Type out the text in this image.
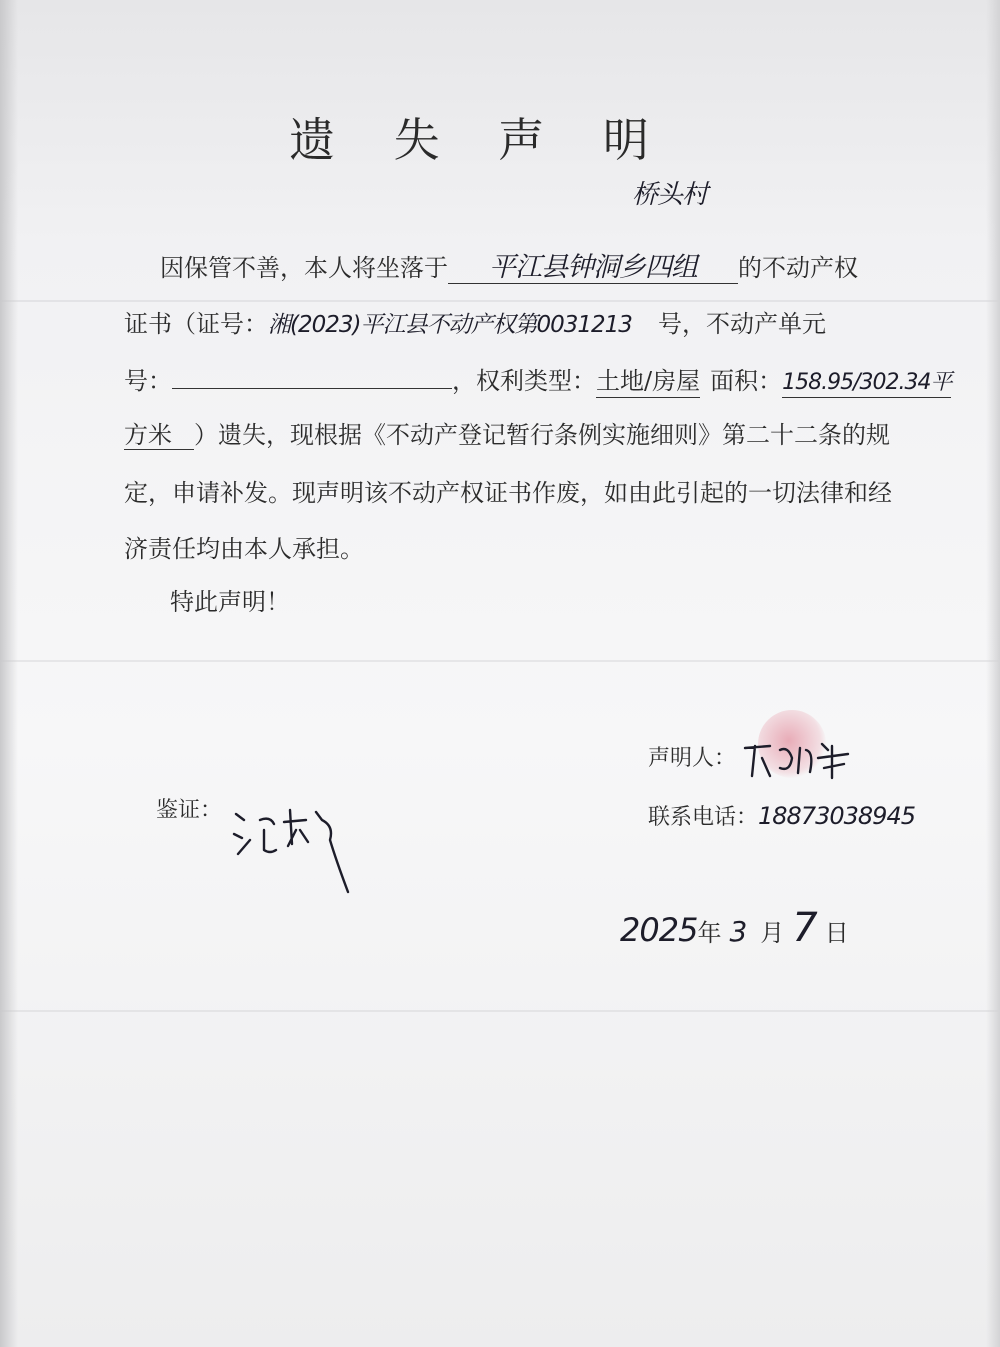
遗 失 声 明
因保管不善，本人将坐落于 平江县钟洞乡四组 的不动产权
桥头村
证书（证号：湘(2023)平江县不动产权第0031213 号，不动产单元
号：	，权利类型：土地/房屋 面积：158.95/302.34平
方米 ）遗失，现根据《不动产登记暂行条例实施细则》第二十二条的规
定，申请补发。现声明该不动产权证书作废，如由此引起的一切法律和经
济责任均由本人承担。
特此声明！
声明人：
鉴证：	联系电话：18873038945
2025年 3 月 7 日
